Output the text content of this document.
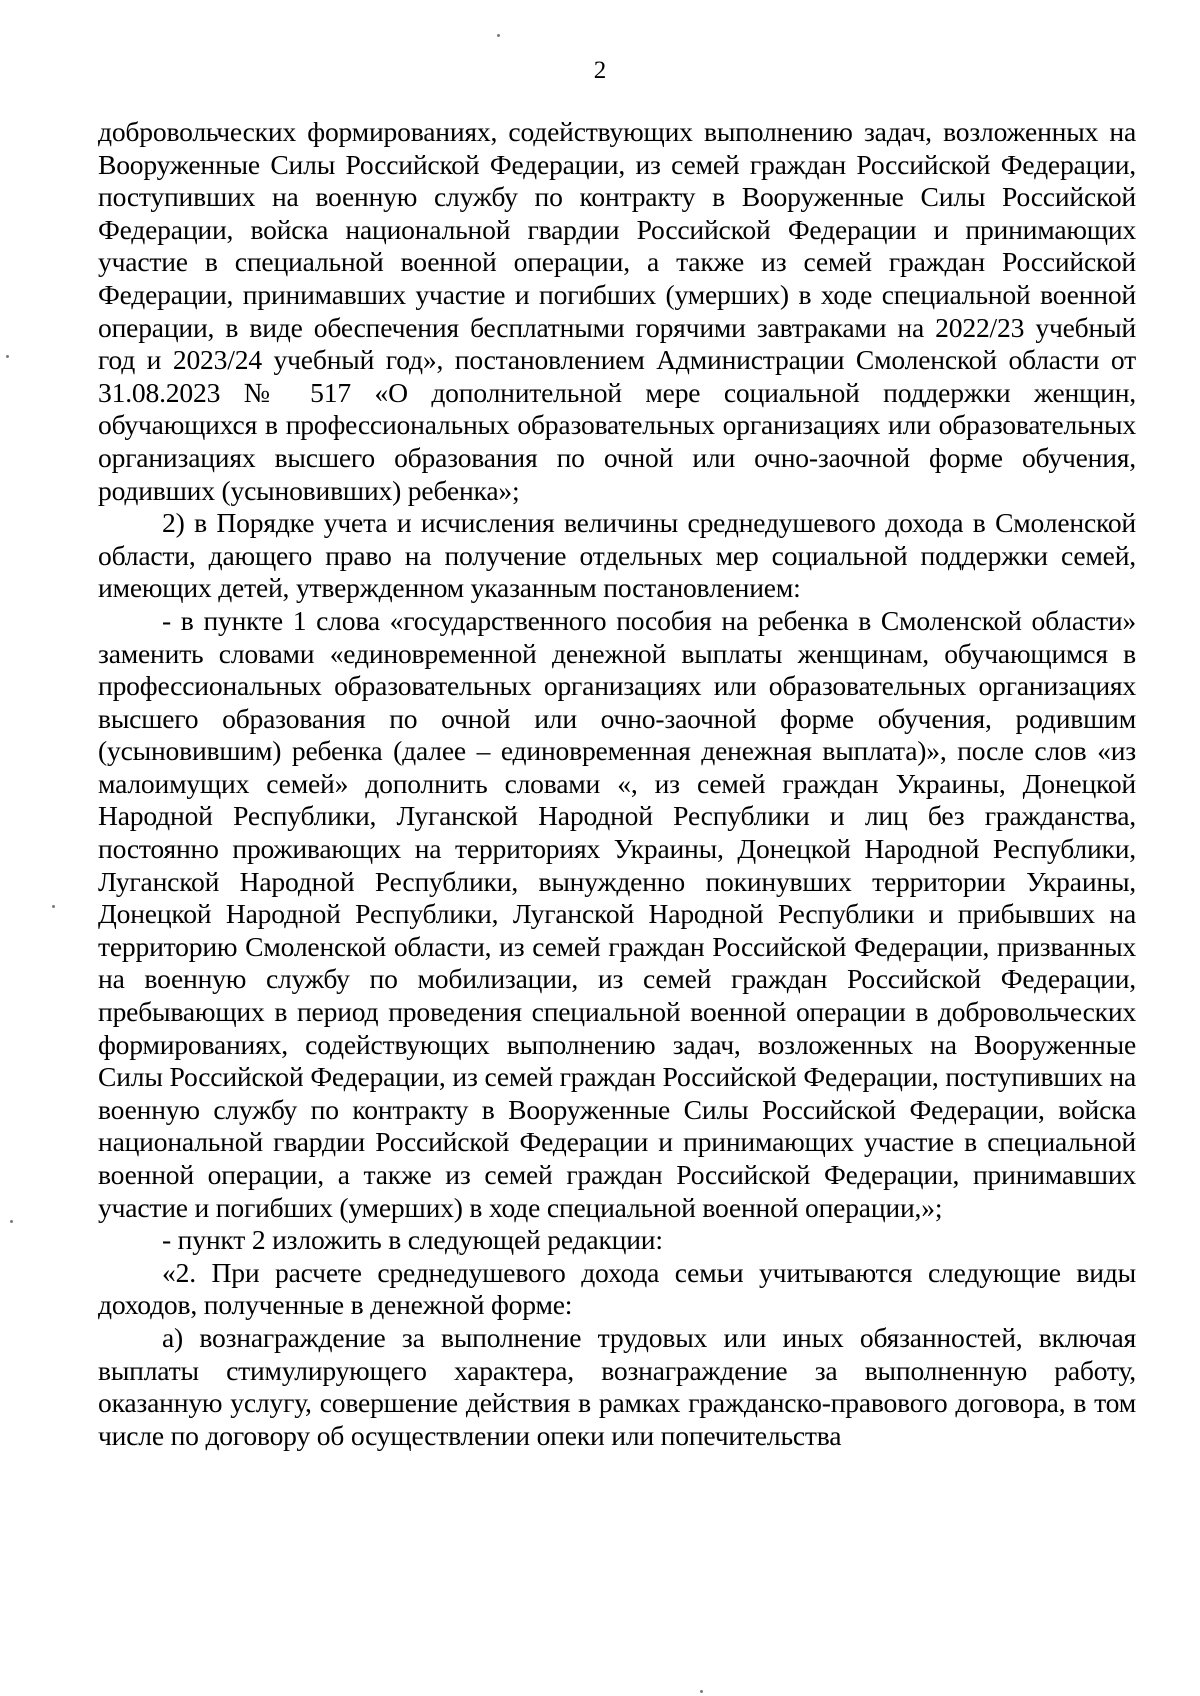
2

добровольческих формированиях, содействующих выполнению задач, возложенных на Вооруженные Силы Российской Федерации, из семей граждан Российской Федерации, поступивших на военную службу по контракту в Вооруженные Силы Российской Федерации, войска национальной гвардии Российской Федерации и принимающих участие в специальной военной операции, а также из семей граждан Российской Федерации, принимавших участие и погибших (умерших) в ходе специальной военной операции, в виде обеспечения бесплатными горячими завтраками на 2022/23 учебный год и 2023/24 учебный год», постановлением Администрации Смоленской области от 31.08.2023 № 517 «О дополнительной мере социальной поддержки женщин, обучающихся в профессиональных образовательных организациях или образовательных организациях высшего образования по очной или очно-заочной форме обучения, родивших (усыновивших) ребенка»;

2) в Порядке учета и исчисления величины среднедушевого дохода в Смоленской области, дающего право на получение отдельных мер социальной поддержки семей, имеющих детей, утвержденном указанным постановлением:

- в пункте 1 слова «государственного пособия на ребенка в Смоленской области» заменить словами «единовременной денежной выплаты женщинам, обучающимся в профессиональных образовательных организациях или образовательных организациях высшего образования по очной или очно-заочной форме обучения, родившим (усыновившим) ребенка (далее – единовременная денежная выплата)», после слов «из малоимущих семей» дополнить словами «, из семей граждан Украины, Донецкой Народной Республики, Луганской Народной Республики и лиц без гражданства, постоянно проживающих на территориях Украины, Донецкой Народной Республики, Луганской Народной Республики, вынужденно покинувших территории Украины, Донецкой Народной Республики, Луганской Народной Республики и прибывших на территорию Смоленской области, из семей граждан Российской Федерации, призванных на военную службу по мобилизации, из семей граждан Российской Федерации, пребывающих в период проведения специальной военной операции в добровольческих формированиях, содействующих выполнению задач, возложенных на Вооруженные Силы Российской Федерации, из семей граждан Российской Федерации, поступивших на военную службу по контракту в Вооруженные Силы Российской Федерации, войска национальной гвардии Российской Федерации и принимающих участие в специальной военной операции, а также из семей граждан Российской Федерации, принимавших участие и погибших (умерших) в ходе специальной военной операции,»;

- пункт 2 изложить в следующей редакции:

«2. При расчете среднедушевого дохода семьи учитываются следующие виды доходов, полученные в денежной форме:

а) вознаграждение за выполнение трудовых или иных обязанностей, включая выплаты стимулирующего характера, вознаграждение за выполненную работу, оказанную услугу, совершение действия в рамках гражданско-правового договора, в том числе по договору об осуществлении опеки или попечительства
